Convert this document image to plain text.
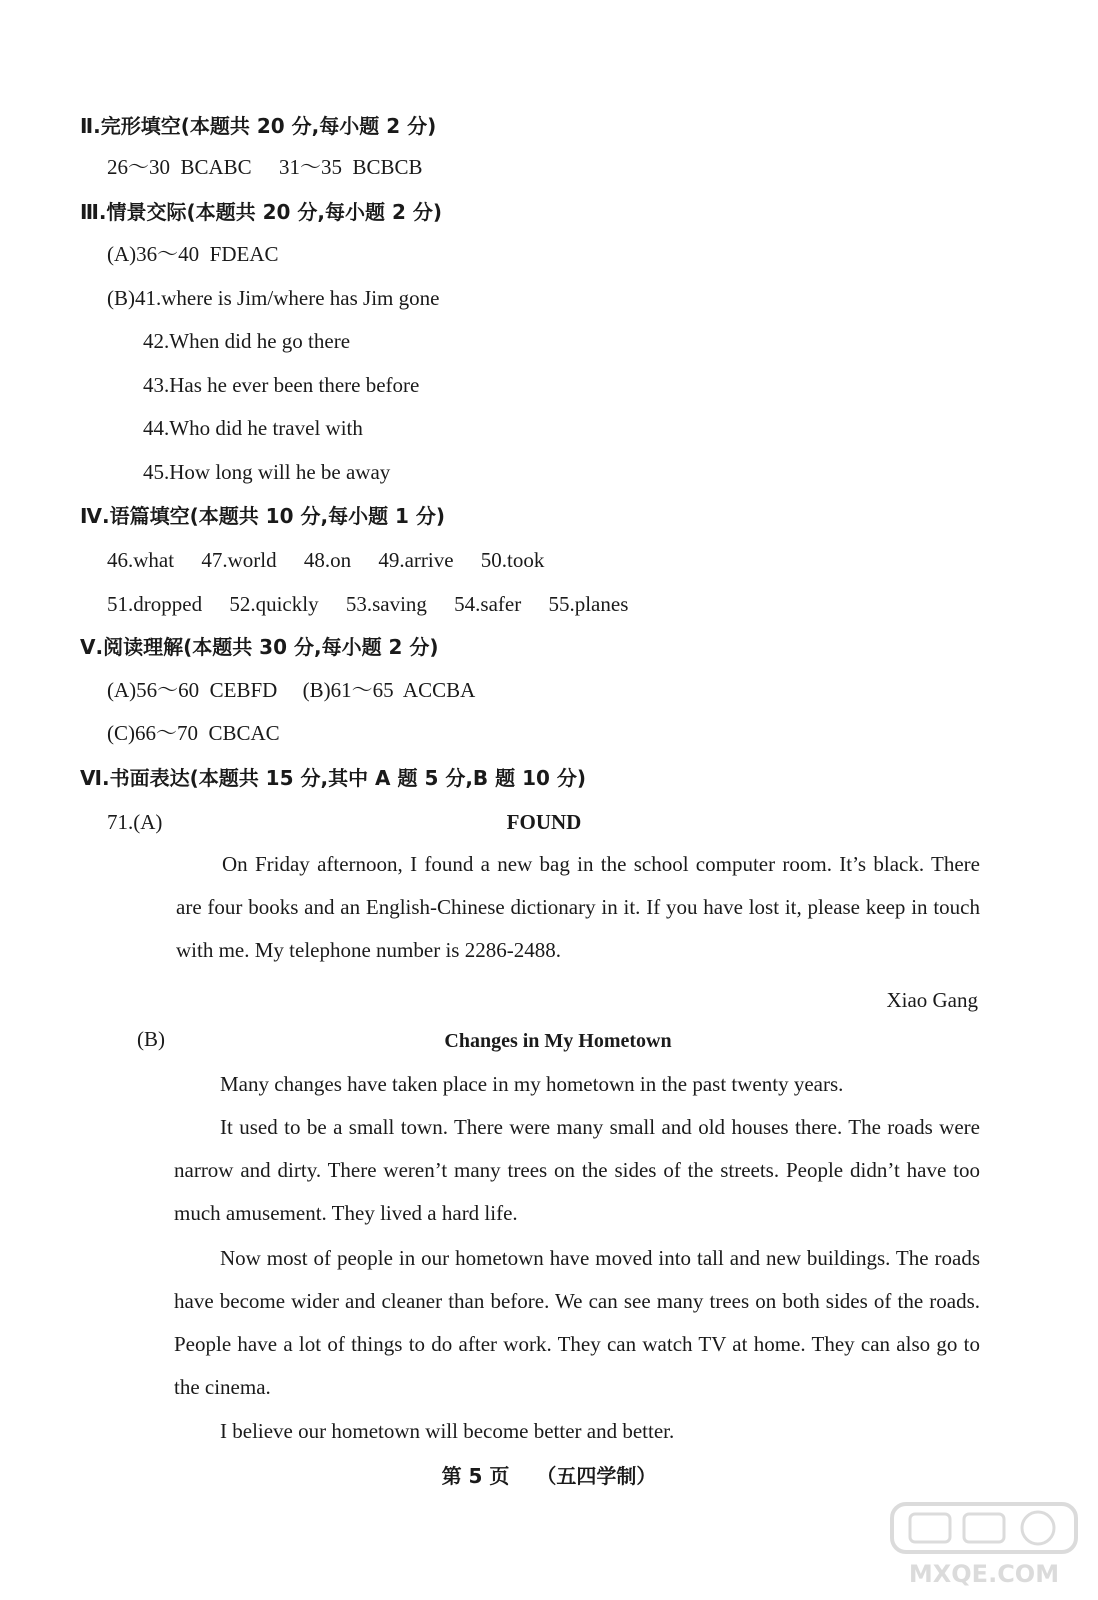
Ⅱ.完形填空(本题共 20 分,每小题 2 分)
26～30  BCABC 31～35  BCBCB
Ⅲ.情景交际(本题共 20 分,每小题 2 分)
(A)36～40  FDEAC
(B)41.where is Jim/where has Jim gone
42.When did he go there
43.Has he ever been there before
44.Who did he travel with
45.How long will he be away
Ⅳ.语篇填空(本题共 10 分,每小题 1 分)
46.what 47.world 48.on 49.arrive 50.took
51.dropped 52.quickly 53.saving 54.safer 55.planes
Ⅴ.阅读理解(本题共 30 分,每小题 2 分)
(A)56～60  CEBFD (B)61～65  ACCBA
(C)66～70  CBCAC
Ⅵ.书面表达(本题共 15 分,其中 A 题 5 分,B 题 10 分)
71.(A)	FOUND
On Friday afternoon, I found a new bag in the school computer room. It’s black. There are four books and an English-Chinese dictionary in it. If you have lost it, please keep in touch with me. My telephone number is 2286-2488.
Xiao Gang
(B)	Changes in My Hometown
Many changes have taken place in my hometown in the past twenty years.
It used to be a small town. There were many small and old houses there. The roads were narrow and dirty. There weren’t many trees on the sides of the streets. People didn’t have too much amusement. They lived a hard life.
Now most of people in our hometown have moved into tall and new buildings. The roads have become wider and cleaner than before. We can see many trees on both sides of the roads. People have a lot of things to do after work. They can watch TV at home. They can also go to the cinema.
I believe our hometown will become better and better.
第 5 页 （五四学制）
MXQE.COM
